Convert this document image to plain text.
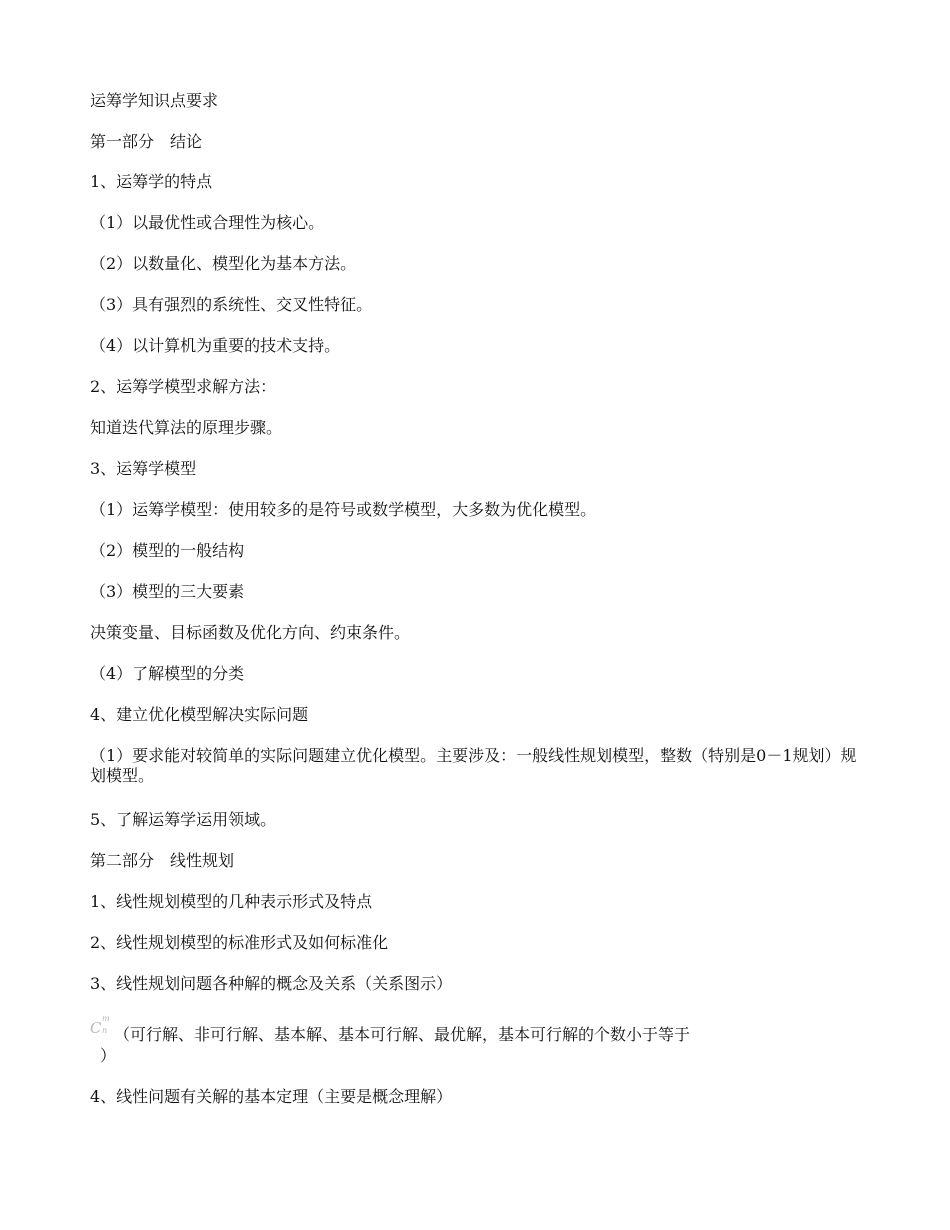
运筹学知识点要求
第一部分　结论
1、运筹学的特点
（1）以最优性或合理性为核心。
（2）以数量化、模型化为基本方法。
（3）具有强烈的系统性、交叉性特征。
（4）以计算机为重要的技术支持。
2、运筹学模型求解方法：
知道迭代算法的原理步骤。
3、运筹学模型
（1）运筹学模型：使用较多的是符号或数学模型，大多数为优化模型。
（2）模型的一般结构
（3）模型的三大要素
决策变量、目标函数及优化方向、约束条件。
（4）了解模型的分类
4、建立优化模型解决实际问题
（1）要求能对较简单的实际问题建立优化模型。主要涉及：一般线性规划模型，整数（特别是0－1规划）规划模型。
5、了解运筹学运用领域。
第二部分　线性规划
1、线性规划模型的几种表示形式及特点
2、线性规划模型的标准形式及如何标准化
3、线性规划问题各种解的概念及关系（关系图示）
C
m
n （可行解、非可行解、基本解、基本可行解、最优解，基本可行解的个数小于等于
）
4、线性问题有关解的基本定理（主要是概念理解）
